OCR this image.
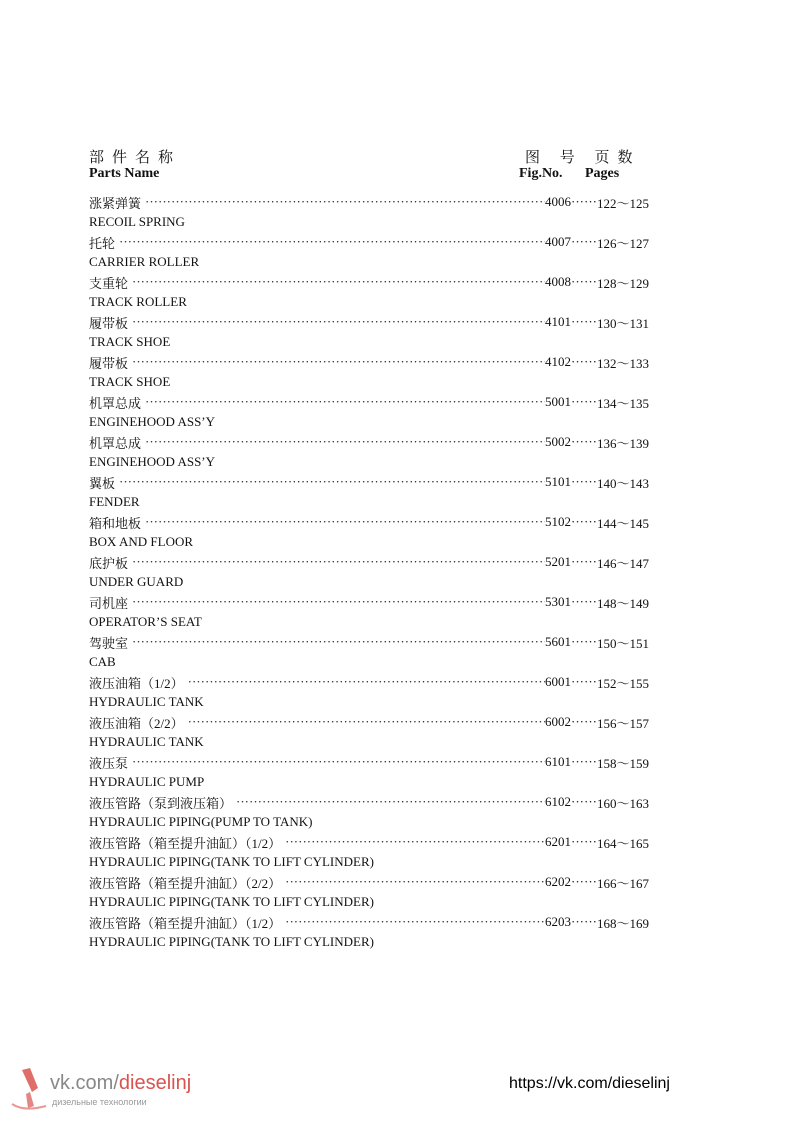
部件名称
Parts Name
图 号 页数
Fig.No. Pages
涨紧弹簧 ·····	4006 ······ 122～125
RECOIL SPRING
托轮 ·····	4007 ······ 126～127
CARRIER ROLLER
支重轮 ·····	4008 ······ 128～129
TRACK ROLLER
履带板 ·····	4101 ······ 130～131
TRACK SHOE
履带板 ·····	4102 ······ 132～133
TRACK SHOE
机罩总成 ·····	5001 ······ 134～135
ENGINEHOOD ASS’Y
机罩总成 ·····	5002 ······ 136～139
ENGINEHOOD ASS’Y
翼板 ·····	5101 ······ 140～143
FENDER
箱和地板 ·····	5102 ······ 144～145
BOX AND FLOOR
底护板 ·····	5201 ······ 146～147
UNDER GUARD
司机座 ·····	5301 ······ 148～149
OPERATOR’S SEAT
驾驶室 ·····	5601 ······ 150～151
CAB
液压油箱（1/2） ·····	6001 ······ 152～155
HYDRAULIC TANK
液压油箱（2/2） ·····	6002 ······ 156～157
HYDRAULIC TANK
液压泵 ·····	6101 ······ 158～159
HYDRAULIC PUMP
液压管路（泵到液压箱） ·····	6102 ······ 160～163
HYDRAULIC PIPING(PUMP TO TANK)
液压管路（箱至提升油缸）（1/2） ·····	6201 ······ 164～165
HYDRAULIC PIPING(TANK TO LIFT CYLINDER)
液压管路（箱至提升油缸）（2/2） ·····	6202 ······ 166～167
HYDRAULIC PIPING(TANK TO LIFT CYLINDER)
液压管路（箱至提升油缸）（1/2） ·····	6203 ······ 168～169
HYDRAULIC PIPING(TANK TO LIFT CYLINDER)
vk.com/dieselinj
дизельные технологии
https://vk.com/dieselinj
